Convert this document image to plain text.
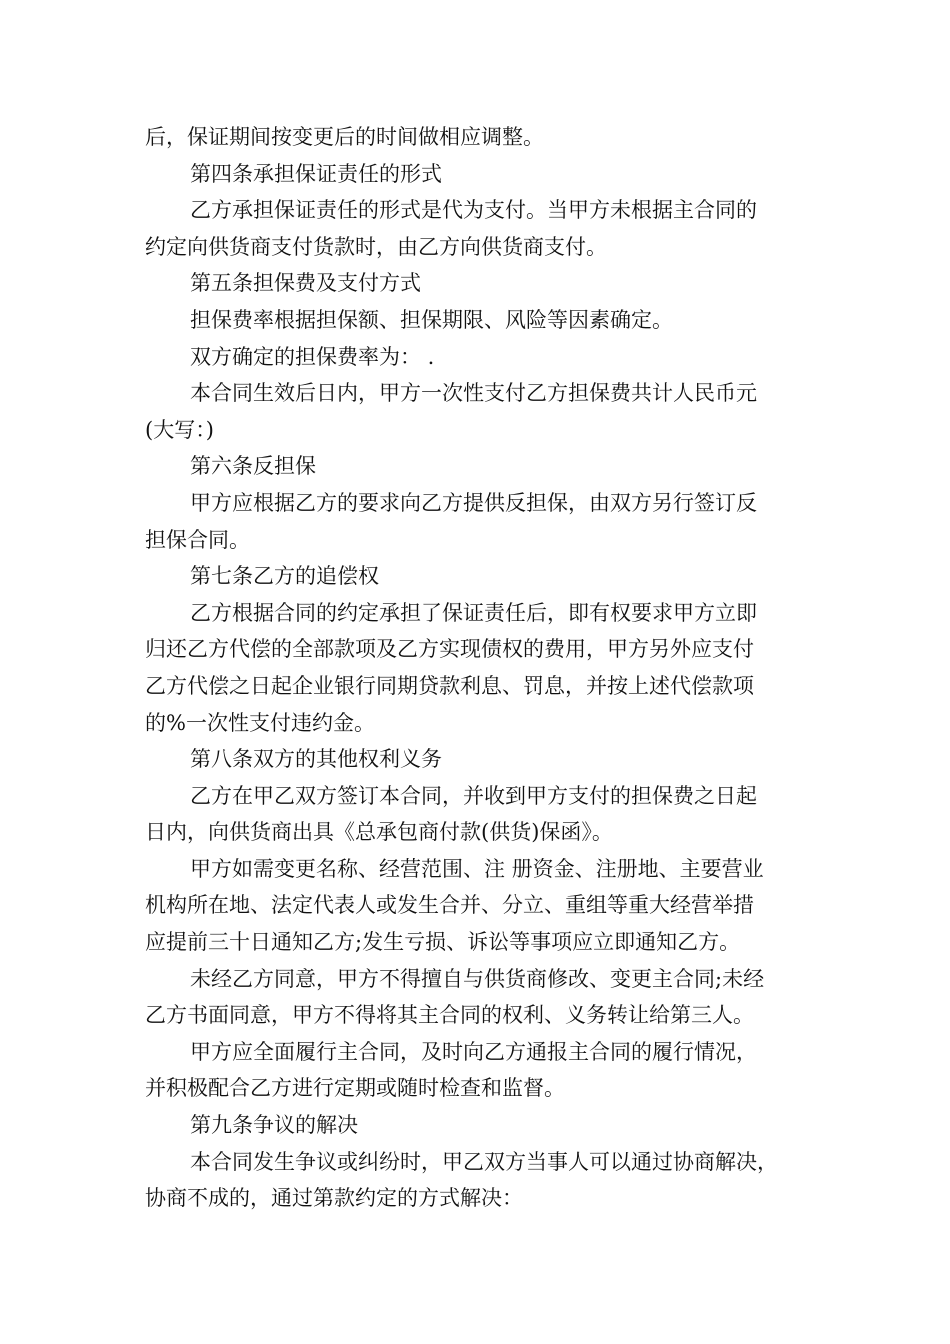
后，保证期间按变更后的时间做相应调整。
第四条承担保证责任的形式
乙方承担保证责任的形式是代为支付。当甲方未根据主合同的
约定向供货商支付货款时，由乙方向供货商支付。
第五条担保费及支付方式
担保费率根据担保额、担保期限、风险等因素确定。
双方确定的担保费率为： .
本合同生效后日内，甲方一次性支付乙方担保费共计人民币元
(大写：)
第六条反担保
甲方应根据乙方的要求向乙方提供反担保，由双方另行签订反
担保合同。
第七条乙方的追偿权
乙方根据合同的约定承担了保证责任后，即有权要求甲方立即
归还乙方代偿的全部款项及乙方实现债权的费用，甲方另外应支付
乙方代偿之日起企业银行同期贷款利息、罚息，并按上述代偿款项
的%一次性支付违约金。
第八条双方的其他权利义务
乙方在甲乙双方签订本合同，并收到甲方支付的担保费之日起
日内，向供货商出具《总承包商付款(供货)保函》。
甲方如需变更名称、经营范围、注 册资金、注册地、主要营业
机构所在地、法定代表人或发生合并、分立、重组等重大经营举措
应提前三十日通知乙方;发生亏损、诉讼等事项应立即通知乙方。
未经乙方同意，甲方不得擅自与供货商修改、变更主合同;未经
乙方书面同意，甲方不得将其主合同的权利、义务转让给第三人。
甲方应全面履行主合同，及时向乙方通报主合同的履行情况，
并积极配合乙方进行定期或随时检查和监督。
第九条争议的解决
本合同发生争议或纠纷时，甲乙双方当事人可以通过协商解决，
协商不成的，通过第款约定的方式解决：
